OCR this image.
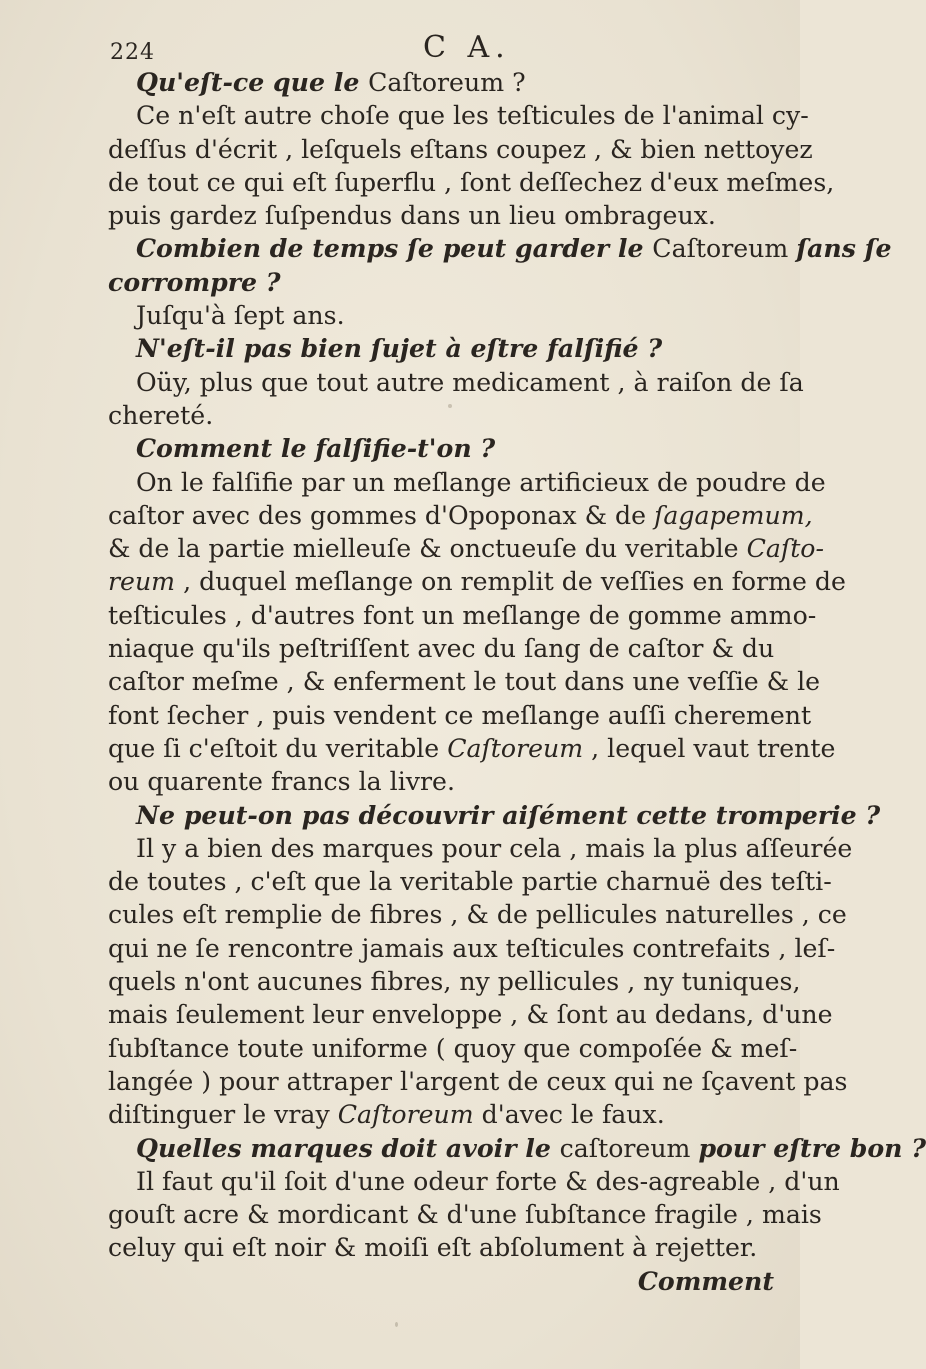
224	C A.

Qu'eſt-ce que le Caſtoreum ?

Ce n'eſt autre choſe que les teſticules de l'animal cy-
deſſus d'écrit , leſquels eſtans coupez , & bien nettoyez
de tout ce qui eſt ſuperflu , ſont deſſechez d'eux meſmes,
puis gardez ſuſpendus dans un lieu ombrageux.

Combien de temps ſe peut garder le Caſtoreum ſans ſe
corrompre ?

Juſqu'à ſept ans.

N'eſt-il pas bien ſujet à eſtre falſifié ?

Oüy, plus que tout autre medicament , à raiſon de ſa
chereté.

Comment le falſifie-t'on ?

On le falſifie par un meſlange artificieux de poudre de
caſtor avec des gommes d'Opoponax & de ſagapemum,
& de la partie mielleuſe & onctueuſe du veritable Caſto-
reum , duquel meſlange on remplit de veſſies en forme de
teſticules , d'autres font un meſlange de gomme ammo-
niaque qu'ils peſtriſſent avec du ſang de caſtor & du
caſtor meſme , & enferment le tout dans une veſſie & le
font ſecher , puis vendent ce meſlange auſſi cherement
que ſi c'eſtoit du veritable Caſtoreum , lequel vaut trente
ou quarente francs la livre.

Ne peut-on pas découvrir aiſément cette tromperie ?

Il y a bien des marques pour cela , mais la plus aſſeurée
de toutes , c'eſt que la veritable partie charnuë des teſti-
cules eſt remplie de fibres , & de pellicules naturelles , ce
qui ne ſe rencontre jamais aux teſticules contrefaits , leſ-
quels n'ont aucunes fibres, ny pellicules , ny tuniques,
mais ſeulement leur enveloppe , & ſont au dedans, d'une
ſubſtance toute uniforme ( quoy que compoſée & meſ-
langée ) pour attraper l'argent de ceux qui ne ſçavent pas
diſtinguer le vray Caſtoreum d'avec le faux.

Quelles marques doit avoir le caſtoreum pour eſtre bon ?

Il faut qu'il ſoit d'une odeur forte & des-agreable , d'un
gouſt acre & mordicant & d'une ſubſtance fragile , mais
celuy qui eſt noir & moiſi eſt abſolument à rejetter.

Comment
